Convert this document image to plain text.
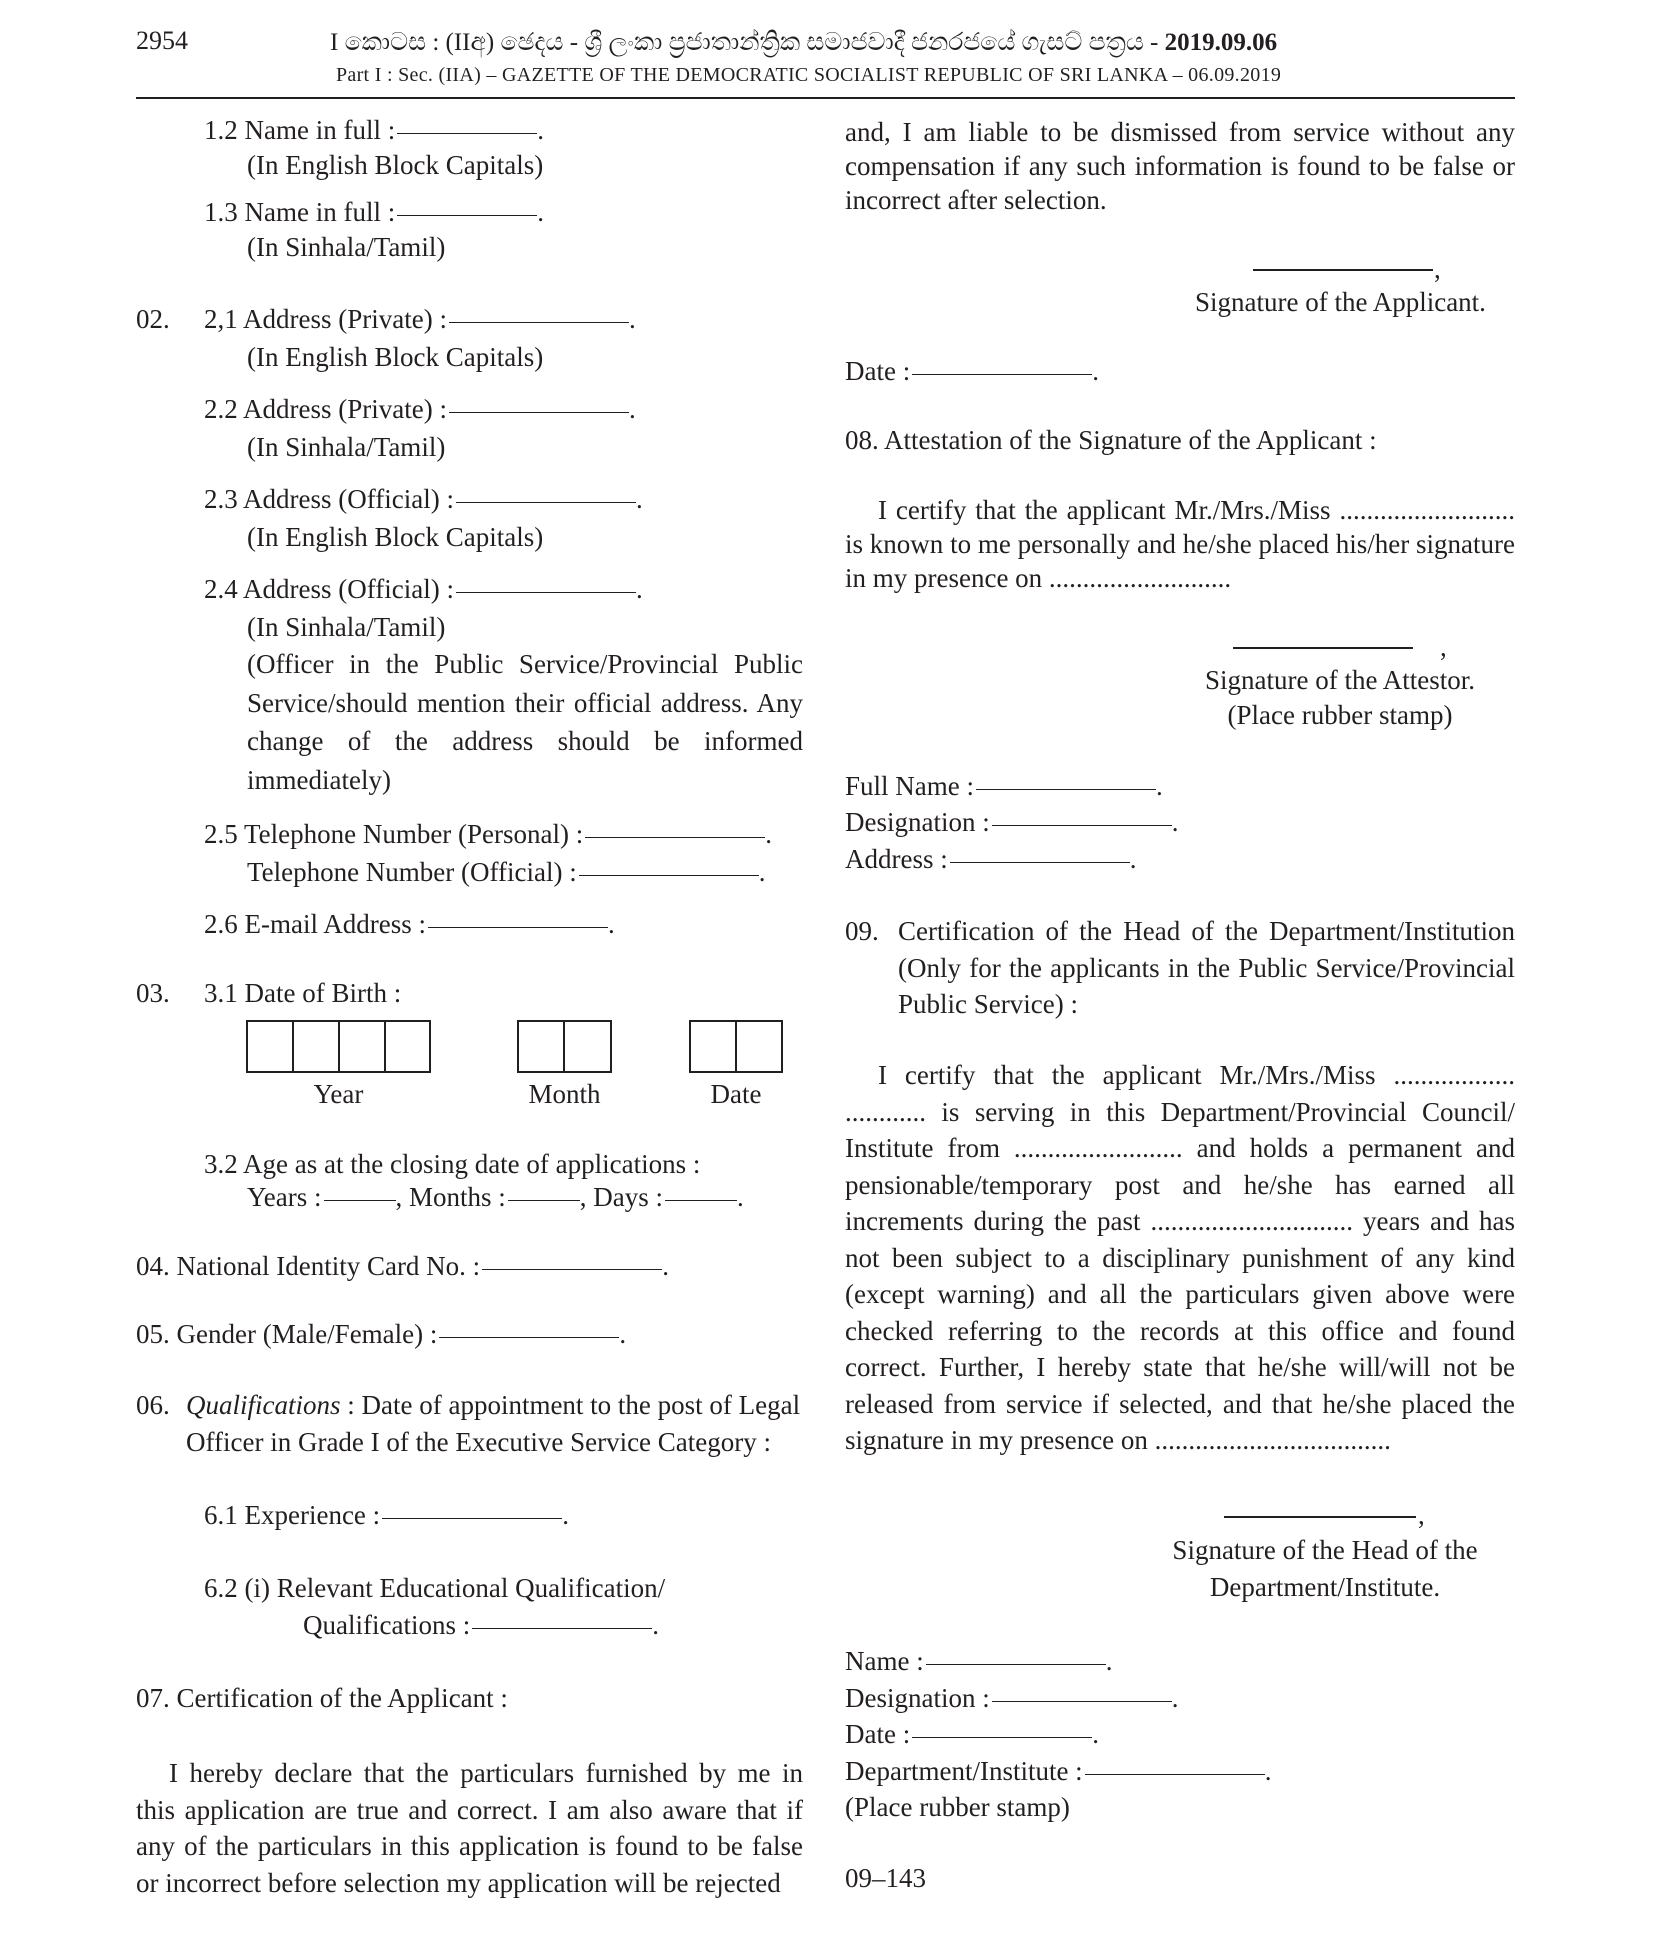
2954	I කොටස : (IIඅ) ඡෙදය - ශ්‍රී ලංකා ප්‍රජාතාන්ත්‍රික සමාජවාදී ජනරජයේ ගැසට් පත්‍රය - 2019.09.06
Part I : Sec. (IIA) – GAZETTE OF THE DEMOCRATIC SOCIALIST REPUBLIC OF SRI LANKA – 06.09.2019
1.2 Name in full :	.
(In English Block Capitals)
1.3 Name in full :	.
(In Sinhala/Tamil)
02. 2,1 Address (Private) :	.
(In English Block Capitals)
2.2 Address (Private) :	.
(In Sinhala/Tamil)
2.3 Address (Official) :	.
(In English Block Capitals)
2.4 Address (Official) :	.
(In Sinhala/Tamil)
(Officer in the Public Service/Provincial Public Service/should mention their official address. Any change of the address should be informed immediately)
2.5 Telephone Number (Personal) :	.
Telephone Number (Official) :	.
2.6 E-mail Address :	.
03. 3.1 Date of Birth :
Year	Month	Date
3.2 Age as at the closing date of applications :
Years :	, Months :	, Days :	.
04. National Identity Card No. :	.
05. Gender (Male/Female) :	.
06. Qualifications : Date of appointment to the post of Legal
Officer in Grade I of the Executive Service Category :
6.1 Experience :	.
6.2 (i) Relevant Educational Qualification/
Qualifications :	.
07. Certification of the Applicant :
I hereby declare that the particulars furnished by me in this application are true and correct. I am also aware that if any of the particulars in this application is found to be false or incorrect before selection my application will be rejected
and, I am liable to be dismissed from service without any compensation if any such information is found to be false or incorrect after selection.
,
Signature of the Applicant.
Date :	.
08. Attestation of the Signature of the Applicant :
I certify that the applicant Mr./Mrs./Miss .......................... is known to me personally and he/she placed his/her signature in my presence on ...........................
,
Signature of the Attestor.
(Place rubber stamp)
Full Name :	.
Designation :	.
Address :	.
09. Certification of the Head of the Department/Institution (Only for the applicants in the Public Service/Provincial Public Service) :
I certify that the applicant Mr./Mrs./Miss .................. ............ is serving in this Department/Provincial Council/ Institute from ......................... and holds a permanent and pensionable/temporary post and he/she has earned all increments during the past .............................. years and has not been subject to a disciplinary punishment of any kind (except warning) and all the particulars given above were checked referring to the records at this office and found correct. Further, I hereby state that he/she will/will not be released from service if selected, and that he/she placed the signature in my presence on ...................................
,
Signature of the Head of the
Department/Institute.
Name :	.
Designation :	.
Date :	.
Department/Institute :	.
(Place rubber stamp)
09–143
